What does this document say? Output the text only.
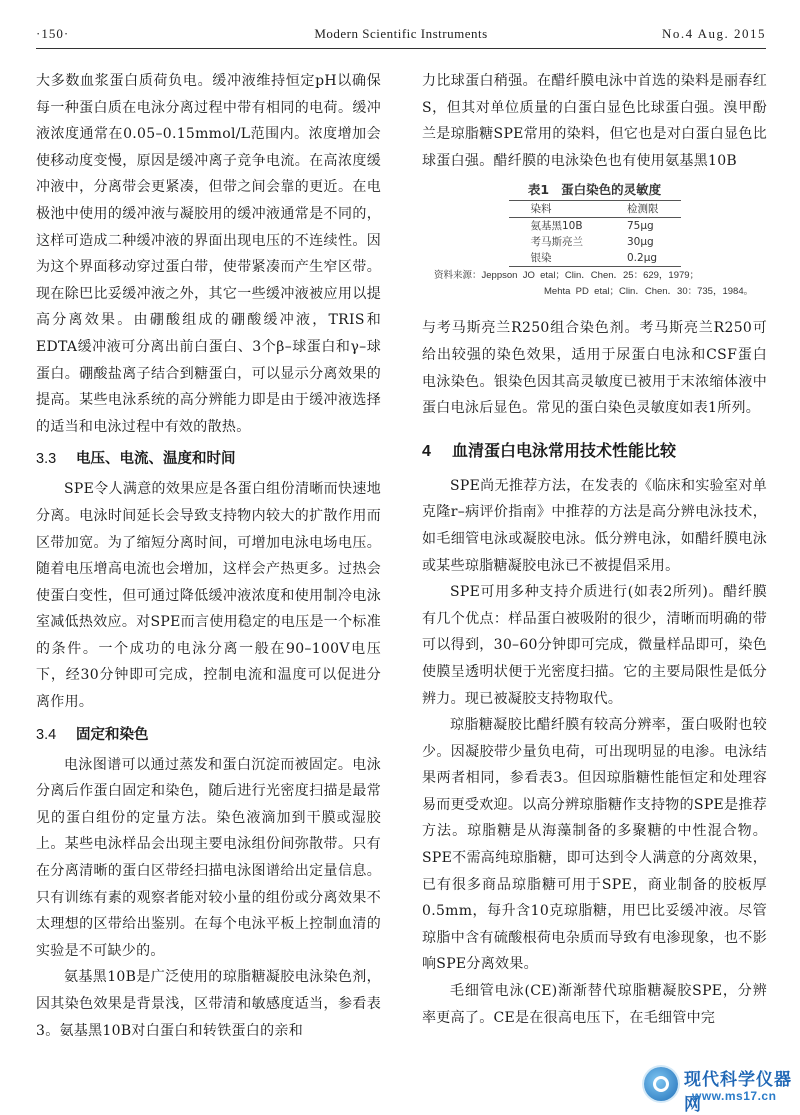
·150·	Modern Scientific Instruments	No.4 Aug. 2015

大多数血浆蛋白质荷负电。缓冲液维持恒定pH以确保每一种蛋白质在电泳分离过程中带有相同的电荷。缓冲液浓度通常在0.05–0.15mmol/L范围内。浓度增加会使移动度变慢，原因是缓冲离子竞争电流。在高浓度缓冲液中，分离带会更紧凑，但带之间会靠的更近。在电极池中使用的缓冲液与凝胶用的缓冲液通常是不同的，这样可造成二种缓冲液的界面出现电压的不连续性。因为这个界面移动穿过蛋白带，使带紧凑而产生窄区带。现在除巴比妥缓冲液之外，其它一些缓冲液被应用以提高分离效果。由硼酸组成的硼酸缓冲液，TRIS和EDTA缓冲液可分离出前白蛋白、3个β–球蛋白和γ–球蛋白。硼酸盐离子结合到糖蛋白，可以显示分离效果的提高。某些电泳系统的高分辨能力即是由于缓冲液选择的适当和电泳过程中有效的散热。

3.3 电压、电流、温度和时间

SPE令人满意的效果应是各蛋白组份清晰而快速地分离。电泳时间延长会导致支持物内较大的扩散作用而区带加宽。为了缩短分离时间，可增加电泳电场电压。随着电压增高电流也会增加，这样会产热更多。过热会使蛋白变性，但可通过降低缓冲液浓度和使用制冷电泳室减低热效应。对SPE而言使用稳定的电压是一个标准的条件。一个成功的电泳分离一般在90–100V电压下，经30分钟即可完成，控制电流和温度可以促进分离作用。

3.4 固定和染色

电泳图谱可以通过蒸发和蛋白沉淀而被固定。电泳分离后作蛋白固定和染色，随后进行光密度扫描是最常见的蛋白组份的定量方法。染色液滴加到干膜或湿胶上。某些电泳样品会出现主要电泳组份间弥散带。只有在分离清晰的蛋白区带经扫描电泳图谱给出定量信息。只有训练有素的观察者能对较小量的组份或分离效果不太理想的区带给出鉴别。在每个电泳平板上控制血清的实验是不可缺少的。

氨基黑10B是广泛使用的琼脂糖凝胶电泳染色剂，因其染色效果是背景浅，区带清和敏感度适当，参看表3。氨基黑10B对白蛋白和转铁蛋白的亲和

力比球蛋白稍强。在醋纤膜电泳中首选的染料是丽春红S，但其对单位质量的白蛋白显色比球蛋白强。溴甲酚兰是琼脂糖SPE常用的染料，但它也是对白蛋白显色比球蛋白强。醋纤膜的电泳染色也有使用氨基黑10B

表1 蛋白染色的灵敏度
染料	检测限
氨基黑10B	75μg
考马斯亮兰	30μg
银染	0.2μg
资料来源：Jeppson  JO  etal；Clin．Chen．25：629，1979；
Mehta  PD  etal；Clin．Chen．30：735，1984。

与考马斯亮兰R250组合染色剂。考马斯亮兰R250可给出较强的染色效果，适用于尿蛋白电泳和CSF蛋白电泳染色。银染色因其高灵敏度已被用于末浓缩体液中蛋白电泳后显色。常见的蛋白染色灵敏度如表1所列。

4 血清蛋白电泳常用技术性能比较

SPE尚无推荐方法，在发表的《临床和实验室对单克隆r–病评价指南》中推荐的方法是高分辨电泳技术，如毛细管电泳或凝胶电泳。低分辨电泳，如醋纤膜电泳或某些琼脂糖凝胶电泳已不被提倡采用。

SPE可用多种支持介质进行(如表2所列)。醋纤膜有几个优点：样品蛋白被吸附的很少，清晰而明确的带可以得到，30–60分钟即可完成，微量样品即可，染色使膜呈透明状便于光密度扫描。它的主要局限性是低分辨力。现已被凝胶支持物取代。

琼脂糖凝胶比醋纤膜有较高分辨率，蛋白吸附也较少。因凝胶带少量负电荷，可出现明显的电渗。电泳结果两者相同，参看表3。但因琼脂糖性能恒定和处理容易而更受欢迎。以高分辨琼脂糖作支持物的SPE是推荐方法。琼脂糖是从海藻制备的多聚糖的中性混合物。SPE不需高纯琼脂糖，即可达到令人满意的分离效果，已有很多商品琼脂糖可用于SPE，商业制备的胶板厚0.5mm，每升含10克琼脂糖，用巴比妥缓冲液。尽管琼脂中含有硫酸根荷电杂质而导致有电渗现象，也不影响SPE分离效果。

毛细管电泳(CE)渐渐替代琼脂糖凝胶SPE，分辨率更高了。CE是在很高电压下，在毛细管中完

现代科学仪器网
www.ms17.cn
